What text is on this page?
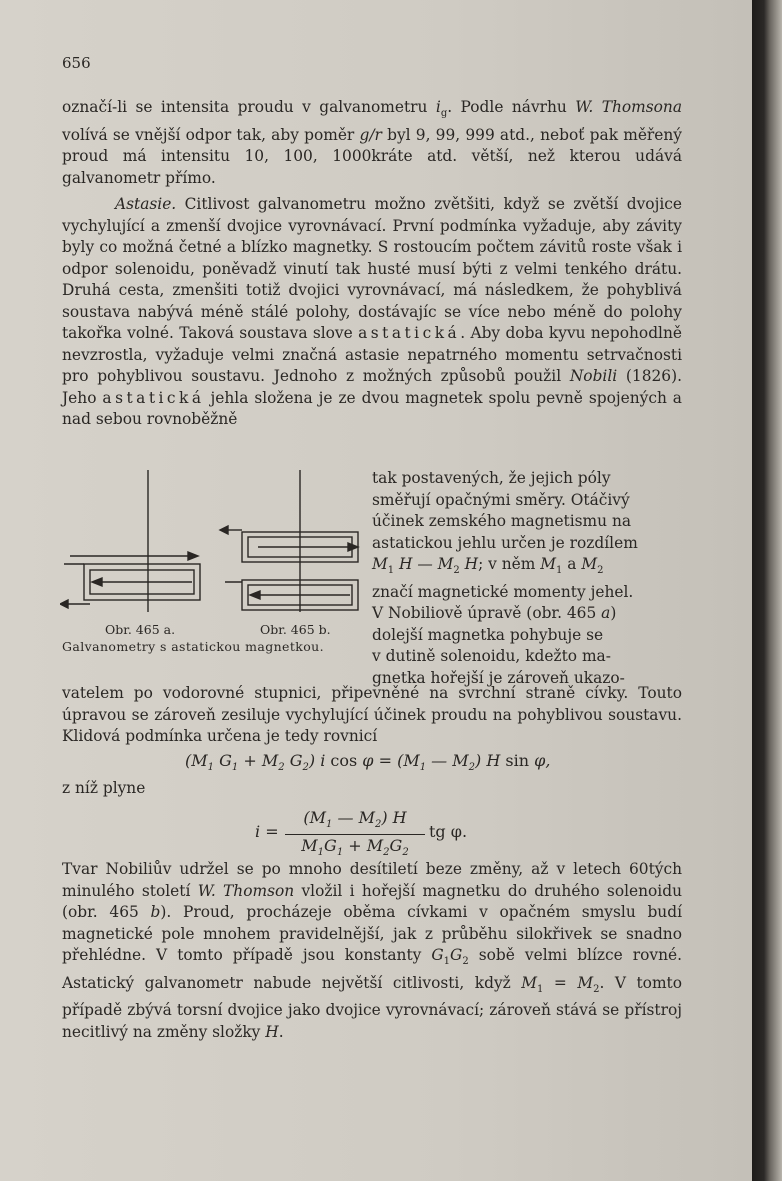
656

označí-li se intensita proudu v galvanometru $i_g$. Podle návrhu W. Thomsona volívá se vnější odpor tak, aby poměr g/r byl 9, 99, 999 atd., neboť pak měřený proud má intensitu 10, 100, 1000kráte atd. větší, než kterou udává galvanometr přímo.

Astasie. Citlivost galvanometru možno zvětšiti, když se zvětší dvojice vychylující a zmenší dvojice vyrovnávací. První podmínka vyžaduje, aby závity byly co možná četné a blízko magnetky. S rostoucím počtem závitů roste však i odpor solenoidu, poněvadž vinutí tak husté musí býti z velmi tenkého drátu. Druhá cesta, zmenšiti totiž dvojici vyrovnávací, má následkem, že pohyblivá soustava nabývá méně stálé polohy, dostávajíc se více nebo méně do polohy takořka volné. Taková soustava slove astatická. Aby doba kyvu nepohodlně nevzrostla, vyžaduje velmi značná astasie nepatrného momentu setrvačnosti pro pohyblivou soustavu. Jednoho z možných způsobů použil Nobili (1826). Jeho astatická jehla složena je ze dvou magnetek spolu pevně spojených a nad sebou rovnoběžně

tak postavených, že jejich póly

směřují opačnými směry. Otáčivý

účinek zemského magnetismu na

astatickou jehlu určen je rozdílem

$M_1$ H — $M_2$ H; v něm $M_1$ a $M_2$

značí magnetické momenty jehel.

V Nobiliově úpravě (obr. 465 a)

dolejší magnetka pohybuje se

v dutině solenoidu, kdežto ma-

gnetka hořejší je zároveň ukazo-

Obr. 465 a.	Obr. 465 b.
Galvanometry s astatickou magnetkou.

vatelem po vodorovné stupnici, připevněné na svrchní straně cívky. Touto úpravou se zároveň zesiluje vychylující účinek proudu na pohyblivou soustavu. Klidová podmínka určena je tedy rovnicí

($M_1$ $G_1 + M_2$ $G_2$) i $\cos \varphi = (M_1$ — $M_2$) H sin φ,
z níž plyne
i =
($M_1$ — $M_2$) H
$M_1G_1 + M_2G_2$
tg φ.

Tvar Nobiliův udržel se po mnoho desítiletí beze změny, až v letech 60tých minulého století W. Thomson vložil i hořejší magnetku do druhého solenoidu (obr. 465 b). Proud, procházeje oběma cívkami v opačném smyslu budí magnetické pole mnohem pravidelnější, jak z průběhu silokřivek se snadno přehlédne. V tomto případě jsou konstanty $G_1G_2$ sobě velmi blízce rovné. Astatický galvanometr nabude největší citlivosti, když $M_1 = M_2$. V tomto případě zbývá torsní dvojice jako dvojice vyrovnávací; zároveň stává se přístroj necitlivý na změny složky H.
